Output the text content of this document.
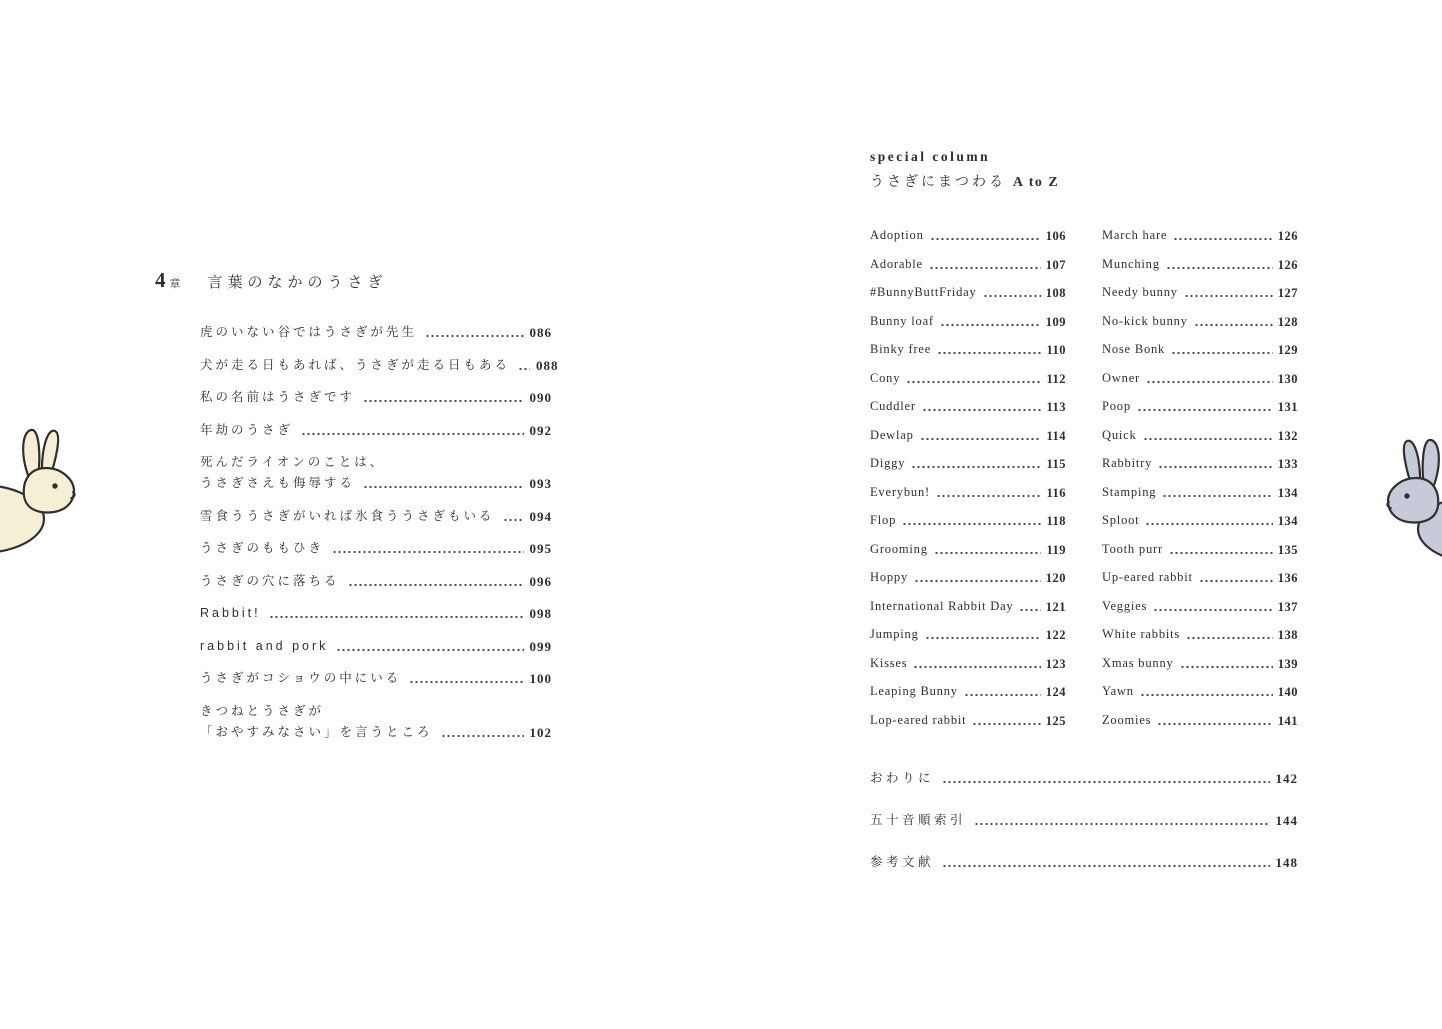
4 章 言葉のなかのうさぎ
虎のいない谷ではうさぎが先生	086
犬が走る日もあれば、うさぎが走る日もある 088
私の名前はうさぎです	090
年劫のうさぎ	092
死んだライオンのことは、
うさぎさえも侮辱する	093
雪食ううさぎがいれば氷食ううさぎもいる	094
うさぎのももひき	095
うさぎの穴に落ちる	096
Rabbit!	098
rabbit and pork	099
うさぎがコショウの中にいる	100
きつねとうさぎが
「おやすみなさい」を言うところ	102
special column
うさぎにまつわる A to Z
Adoption	106
Adorable	107
#BunnyButtFriday	108
Bunny loaf	109
Binky free	110
Cony	112
Cuddler	113
Dewlap	114
Diggy	115
Everybun!	116
Flop	118
Grooming	119
Hoppy	120
International Rabbit Day	121
Jumping	122
Kisses	123
Leaping Bunny	124
Lop-eared rabbit	125
March hare	126
Munching	126
Needy bunny	127
No-kick bunny	128
Nose Bonk	129
Owner	130
Poop	131
Quick	132
Rabbitry	133
Stamping	134
Sploot	134
Tooth purr	135
Up-eared rabbit	136
Veggies	137
White rabbits	138
Xmas bunny	139
Yawn	140
Zoomies	141
おわりに	142
五十音順索引	144
参考文献	148
